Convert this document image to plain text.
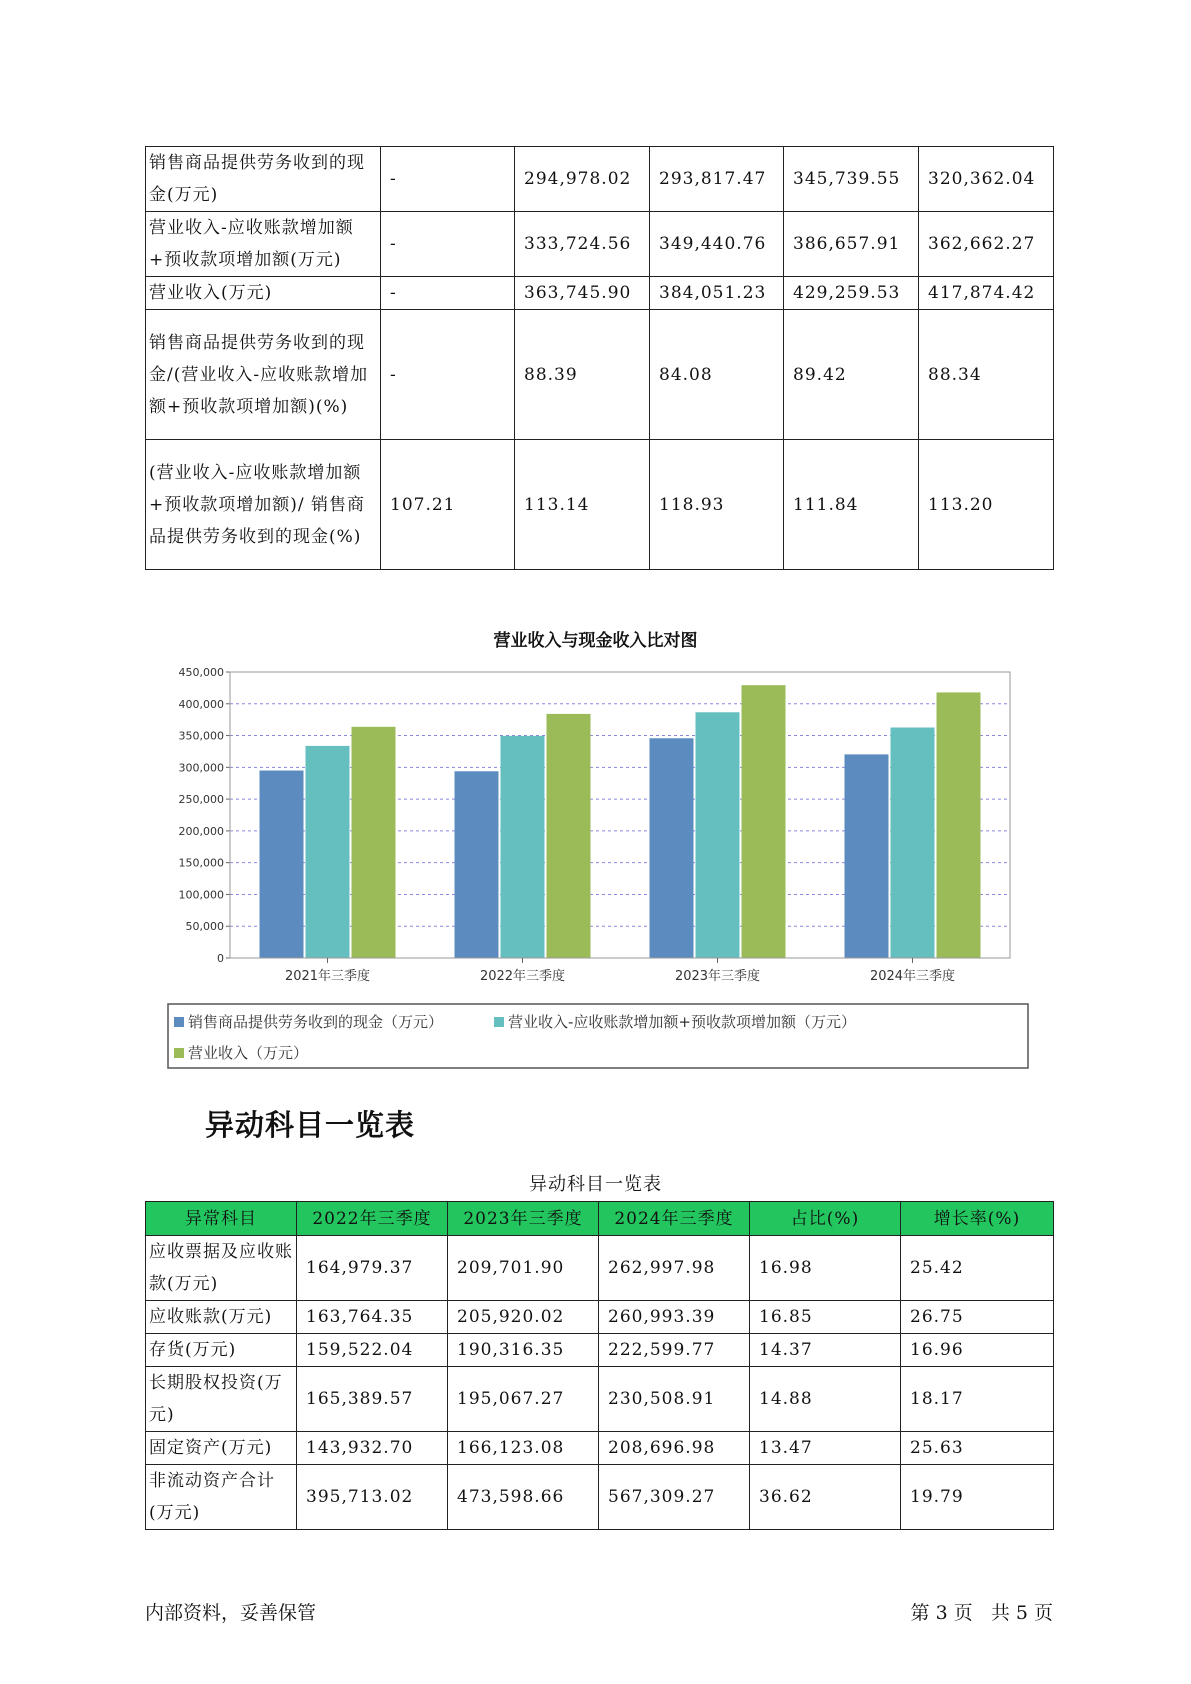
销售商品提供劳务收到的现金(万元)	-	294,978.02	293,817.47	345,739.55	320,362.04
营业收入-应收账款增加额+预收款项增加额(万元)	-	333,724.56	349,440.76	386,657.91	362,662.27
营业收入(万元)	-	363,745.90	384,051.23	429,259.53	417,874.42
销售商品提供劳务收到的现金/(营业收入-应收账款增加额+预收款项增加额)(%)	-	88.39	84.08	89.42	88.34
(营业收入-应收账款增加额+预收款项增加额)/ 销售商品提供劳务收到的现金(%)	107.21	113.14	118.93	111.84	113.20
营业收入与现金收入比对图
0
50,000
100,000
150,000
200,000
250,000
300,000
350,000
400,000
450,000
2021年三季度	2022年三季度	2023年三季度	2024年三季度
销售商品提供劳务收到的现金（万元）	营业收入-应收账款增加额+预收款项增加额（万元）
营业收入（万元）
异动科目一览表
异动科目一览表
异常科目	2022年三季度	2023年三季度	2024年三季度	占比(%)	增长率(%)
应收票据及应收账款(万元)	164,979.37	209,701.90	262,997.98	16.98	25.42
应收账款(万元)	163,764.35	205,920.02	260,993.39	16.85	26.75
存货(万元)	159,522.04	190,316.35	222,599.77	14.37	16.96
长期股权投资(万元)	165,389.57	195,067.27	230,508.91	14.88	18.17
固定资产(万元)	143,932.70	166,123.08	208,696.98	13.47	25.63
非流动资产合计(万元)	395,713.02	473,598.66	567,309.27	36.62	19.79
内部资料，妥善保管	第 3 页   共 5 页
